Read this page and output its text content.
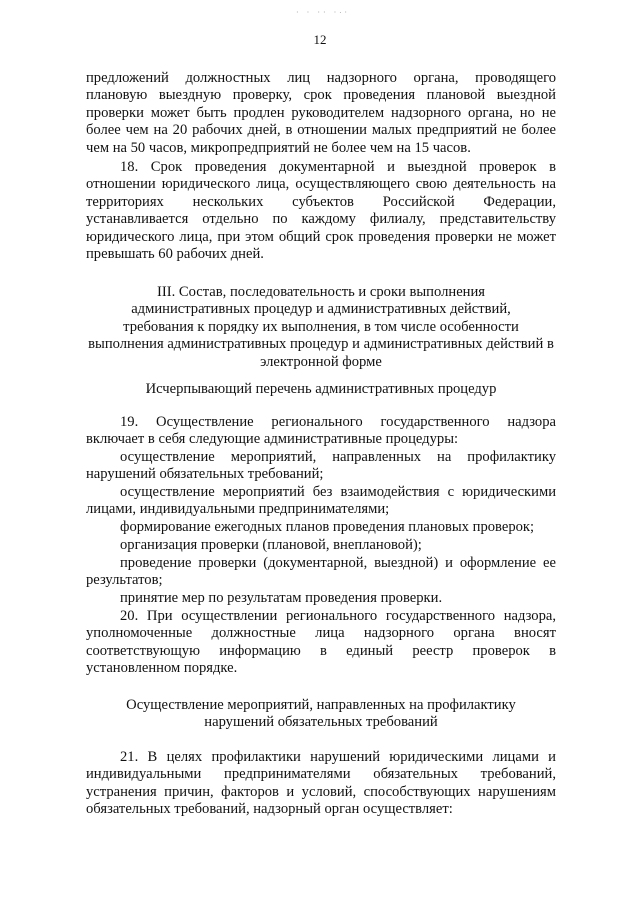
· · ·· ·∙·
12

предложений должностных лиц надзорного органа, проводящего плановую выездную проверку, срок проведения плановой выездной проверки может быть продлен руководителем надзорного органа, но не более чем на 20 рабочих дней, в отношении малых предприятий не более чем на 50 часов, микропредприятий не более чем на 15 часов.

18. Срок проведения документарной и выездной проверок в отношении юридического лица, осуществляющего свою деятельность на территориях нескольких субъектов Российской Федерации, устанавливается отдельно по каждому филиалу, представительству юридического лица, при этом общий срок проведения проверки не может превышать 60 рабочих дней.

III. Состав, последовательность и сроки выполнения
административных процедур и административных действий,
требования к порядку их выполнения, в том числе особенности
выполнения административных процедур и административных действий в
электронной форме
Исчерпывающий перечень административных процедур

19. Осуществление регионального государственного надзора включает в себя следующие административные процедуры:

осуществление мероприятий, направленных на профилактику нарушений обязательных требований;

осуществление мероприятий без взаимодействия с юридическими лицами, индивидуальными предпринимателями;

формирование ежегодных планов проведения плановых проверок;

организация проверки (плановой, внеплановой);

проведение проверки (документарной, выездной) и оформление ее результатов;

принятие мер по результатам проведения проверки.

20. При осуществлении регионального государственного надзора, уполномоченные должностные лица надзорного органа вносят соответствующую информацию в единый реестр проверок в установленном порядке.

Осуществление мероприятий, направленных на профилактику
нарушений обязательных требований

21. В целях профилактики нарушений юридическими лицами и индивидуальными предпринимателями обязательных требований, устранения причин, факторов и условий, способствующих нарушениям обязательных требований, надзорный орган осуществляет:
